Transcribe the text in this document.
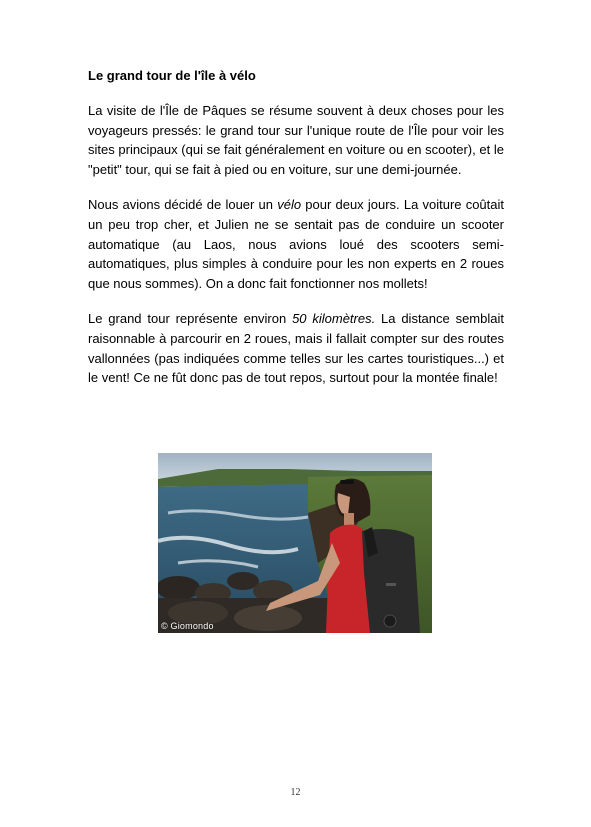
Le grand tour de l'île à vélo

La visite de l'Île de Pâques se résume souvent à deux choses pour les voyageurs pressés: le grand tour sur l'unique route de l'Île pour voir les sites principaux (qui se fait généralement en voiture ou en scooter), et le "petit" tour, qui se fait à pied ou en voiture, sur une demi-journée.

Nous avions décidé de louer un vélo pour deux jours. La voiture coûtait un peu trop cher, et Julien ne se sentait pas de conduire un scooter automatique (au Laos, nous avions loué des scooters semi-automatiques, plus simples à conduire pour les non experts en 2 roues que nous sommes). On a donc fait fonctionner nos mollets!

Le grand tour représente environ 50 kilomètres. La distance semblait raisonnable à parcourir en 2 roues, mais il fallait compter sur des routes vallonnées (pas indiquées comme telles sur les cartes touristiques...) et le vent! Ce ne fût donc pas de tout repos, surtout pour la montée finale!

© Giomondo
12
